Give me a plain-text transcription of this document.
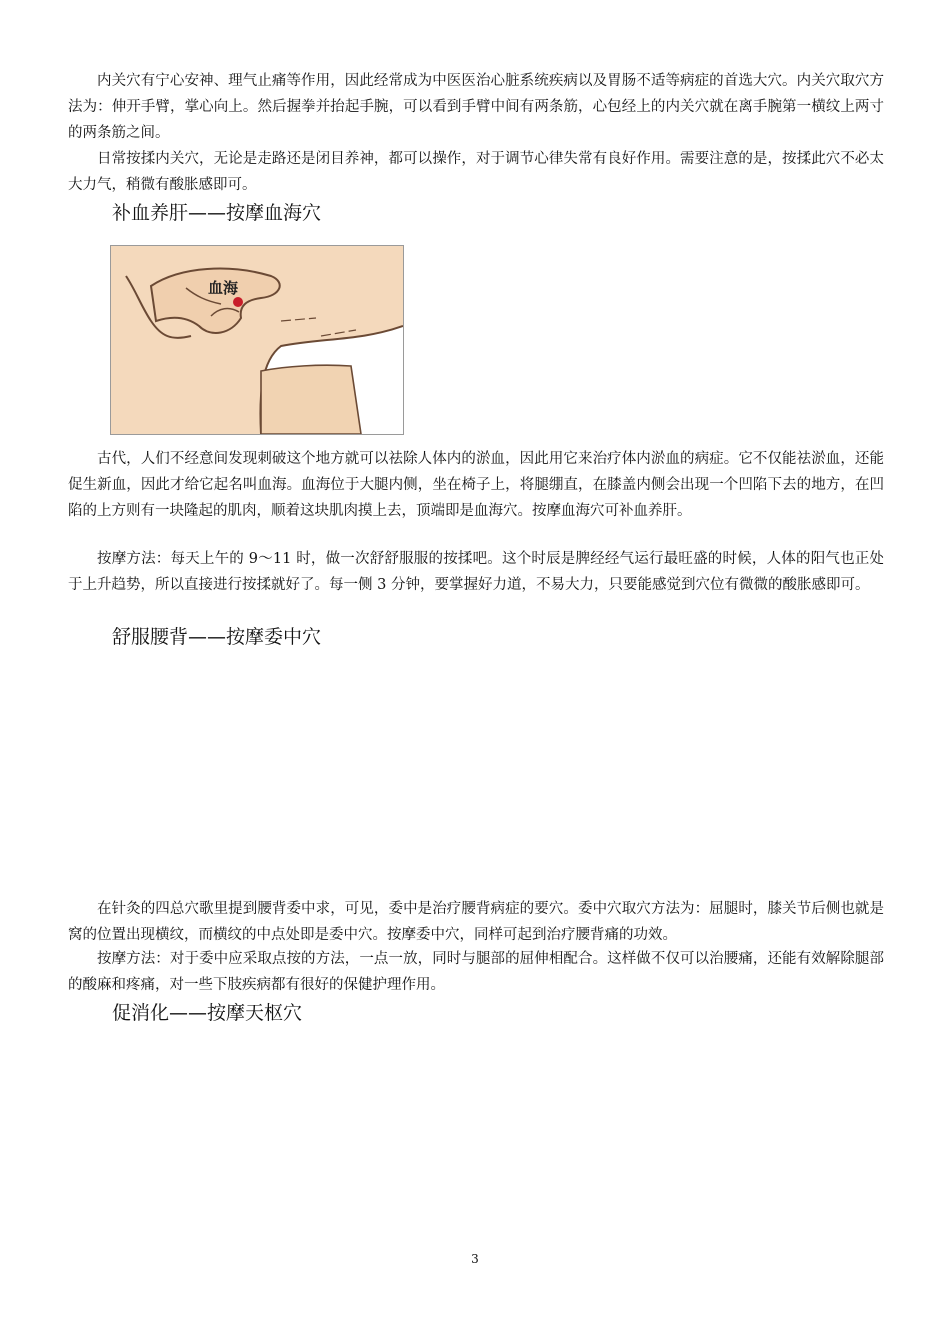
内关穴有宁心安神、理气止痛等作用，因此经常成为中医医治心脏系统疾病以及胃肠不适等病症的首选大穴。内关穴取穴方法为：伸开手臂，掌心向上。然后握拳并抬起手腕，可以看到手臂中间有两条筋，心包经上的内关穴就在离手腕第一横纹上两寸的两条筋之间。

日常按揉内关穴，无论是走路还是闭目养神，都可以操作，对于调节心律失常有良好作用。需要注意的是，按揉此穴不必太大力气，稍微有酸胀感即可。

补血养肝——按摩血海穴
血海

古代，人们不经意间发现刺破这个地方就可以祛除人体内的淤血，因此用它来治疗体内淤血的病症。它不仅能祛淤血，还能促生新血，因此才给它起名叫血海。血海位于大腿内侧，坐在椅子上，将腿绷直，在膝盖内侧会出现一个凹陷下去的地方，在凹陷的上方则有一块隆起的肌肉，顺着这块肌肉摸上去，顶端即是血海穴。按摩血海穴可补血养肝。

按摩方法：每天上午的 9～11 时，做一次舒舒服服的按揉吧。这个时辰是脾经经气运行最旺盛的时候，人体的阳气也正处于上升趋势，所以直接进行按揉就好了。每一侧 3 分钟，要掌握好力道，不易大力，只要能感觉到穴位有微微的酸胀感即可。

舒服腰背——按摩委中穴

在针灸的四总穴歌里提到腰背委中求，可见，委中是治疗腰背病症的要穴。委中穴取穴方法为：屈腿时，膝关节后侧也就是窝的位置出现横纹，而横纹的中点处即是委中穴。按摩委中穴，同样可起到治疗腰背痛的功效。

按摩方法：对于委中应采取点按的方法，一点一放，同时与腿部的屈伸相配合。这样做不仅可以治腰痛，还能有效解除腿部的酸麻和疼痛，对一些下肢疾病都有很好的保健护理作用。

促消化——按摩天枢穴

3
